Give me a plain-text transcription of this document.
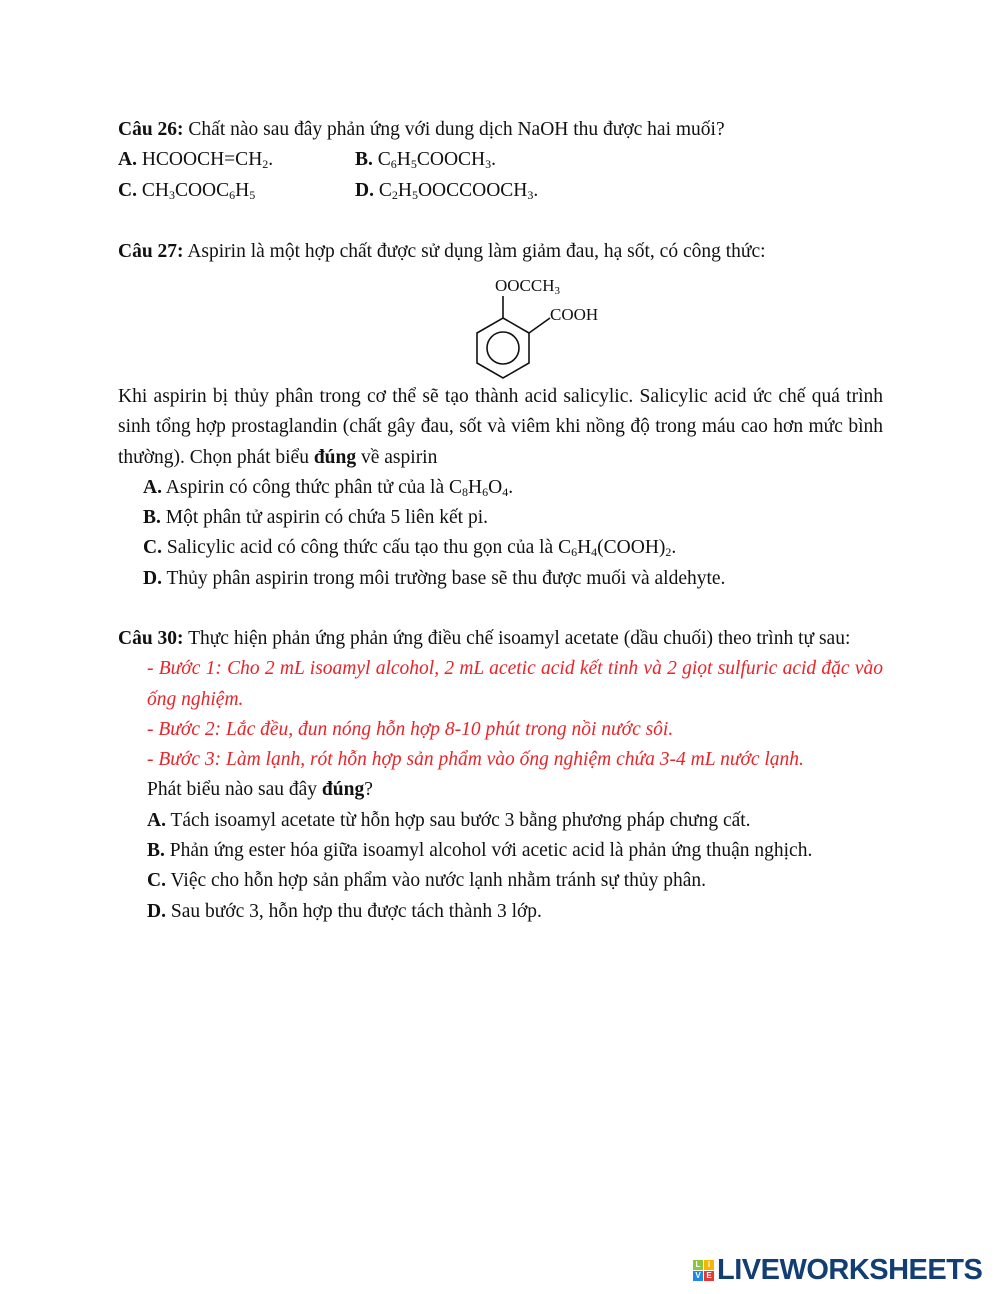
Câu 26: Chất nào sau đây phản ứng với dung dịch NaOH thu được hai muối?
A. $HCOOCH=CH_2$.	B. $C_6H_5COOCH_3$.
C. $CH_3COOC_6H_5$	D. $C_2H_5OOCCOOCH_3$.
Câu 27: Aspirin là một hợp chất được sử dụng làm giảm đau, hạ sốt, có công thức:
OOCCH3
COOH
Khi aspirin bị thủy phân trong cơ thể sẽ tạo thành acid salicylic. Salicylic acid ức chế quá trình sinh tổng hợp prostaglandin (chất gây đau, sốt và viêm khi nồng độ trong máu cao hơn mức bình thường). Chọn phát biểu đúng về aspirin
A. Aspirin có công thức phân tử của là $C_8H_6O_4$.
B. Một phân tử aspirin có chứa 5 liên kết pi.
C. Salicylic acid có công thức cấu tạo thu gọn của là $C_6H_4(COOH)_2$.
D. Thủy phân aspirin trong môi trường base sẽ thu được muối và aldehyte.
Câu 30: Thực hiện phản ứng phản ứng điều chế isoamyl acetate (dầu chuối) theo trình tự sau:
- Bước 1: Cho 2 mL isoamyl alcohol, 2 mL acetic acid kết tinh và 2 giọt sulfuric acid đặc vào ống nghiệm.
- Bước 2: Lắc đều, đun nóng hỗn hợp 8-10 phút trong nồi nước sôi.
- Bước 3: Làm lạnh, rót hỗn hợp sản phẩm vào ống nghiệm chứa 3-4 mL nước lạnh.
Phát biểu nào sau đây đúng?
A. Tách isoamyl acetate từ hỗn hợp sau bước 3 bằng phương pháp chưng cất.
B. Phản ứng ester hóa giữa isoamyl alcohol với acetic acid là phản ứng thuận nghịch.
C. Việc cho hỗn hợp sản phẩm vào nước lạnh nhằm tránh sự thủy phân.
D. Sau bước 3, hỗn hợp thu được tách thành 3 lớp.
L I
V E LIVEWORKSHEETS
